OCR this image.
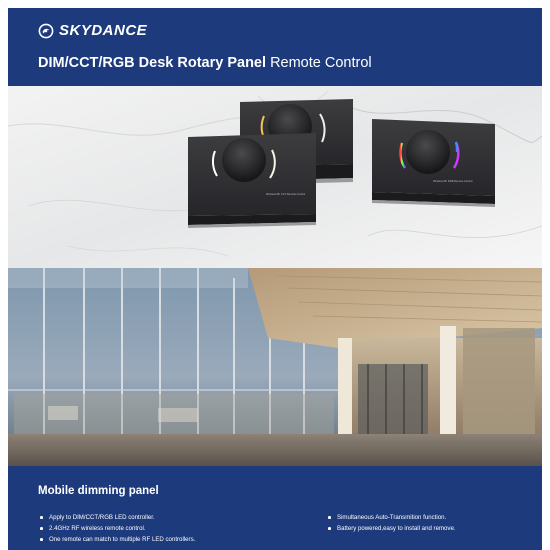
SKYDANCE
DIM/CCT/RGB Desk Rotary Panel Remote Control
Wireless RF RGB Remote Control
Wireless RF CCT Remote Control
Mobile dimming panel
Apply to DIM/CCT/RGB LED controller.
2.4GHz RF wireless remote control.
One remote can match to multiple RF LED controllers.
Simultaneous Auto-Transmition function.
Battery powered,easy to install and remove.
